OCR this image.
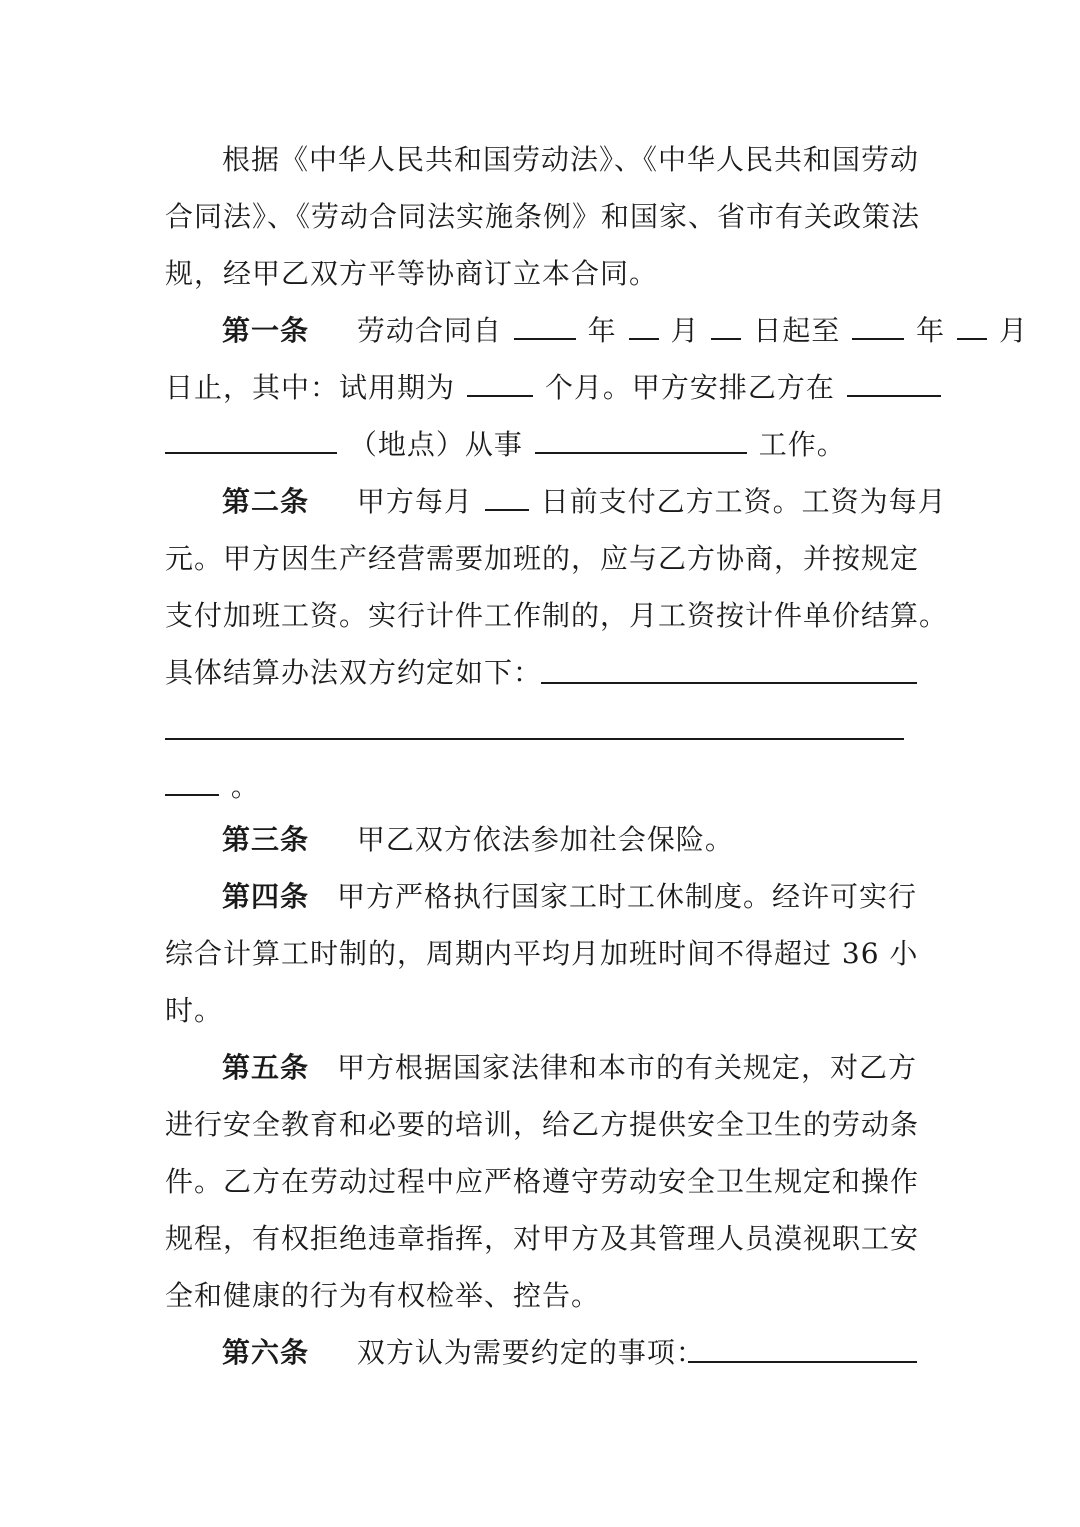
根据《中华人民共和国劳动法》、《中华人民共和国劳动
合同法》、《劳动合同法实施条例》和国家、省市有关政策法
规，经甲乙双方平等协商订立本合同。
第一条 劳动合同自	年 月 日起至	年 月
日止，其中：试用期为	个月。甲方安排乙方在
（地点）从事	工作。
第二条 甲方每月 日前支付乙方工资。工资为每月
元。甲方因生产经营需要加班的，应与乙方协商，并按规定
支付加班工资。实行计件工作制的，月工资按计件单价结算。
具体结算办法双方约定如下：
。
第三条 甲乙双方依法参加社会保险。
第四条 甲方严格执行国家工时工休制度。经许可实行
综合计算工时制的，周期内平均月加班时间不得超过 36 小
时。
第五条 甲方根据国家法律和本市的有关规定，对乙方
进行安全教育和必要的培训，给乙方提供安全卫生的劳动条
件。乙方在劳动过程中应严格遵守劳动安全卫生规定和操作
规程，有权拒绝违章指挥，对甲方及其管理人员漠视职工安
全和健康的行为有权检举、控告。
第六条 双方认为需要约定的事项：
